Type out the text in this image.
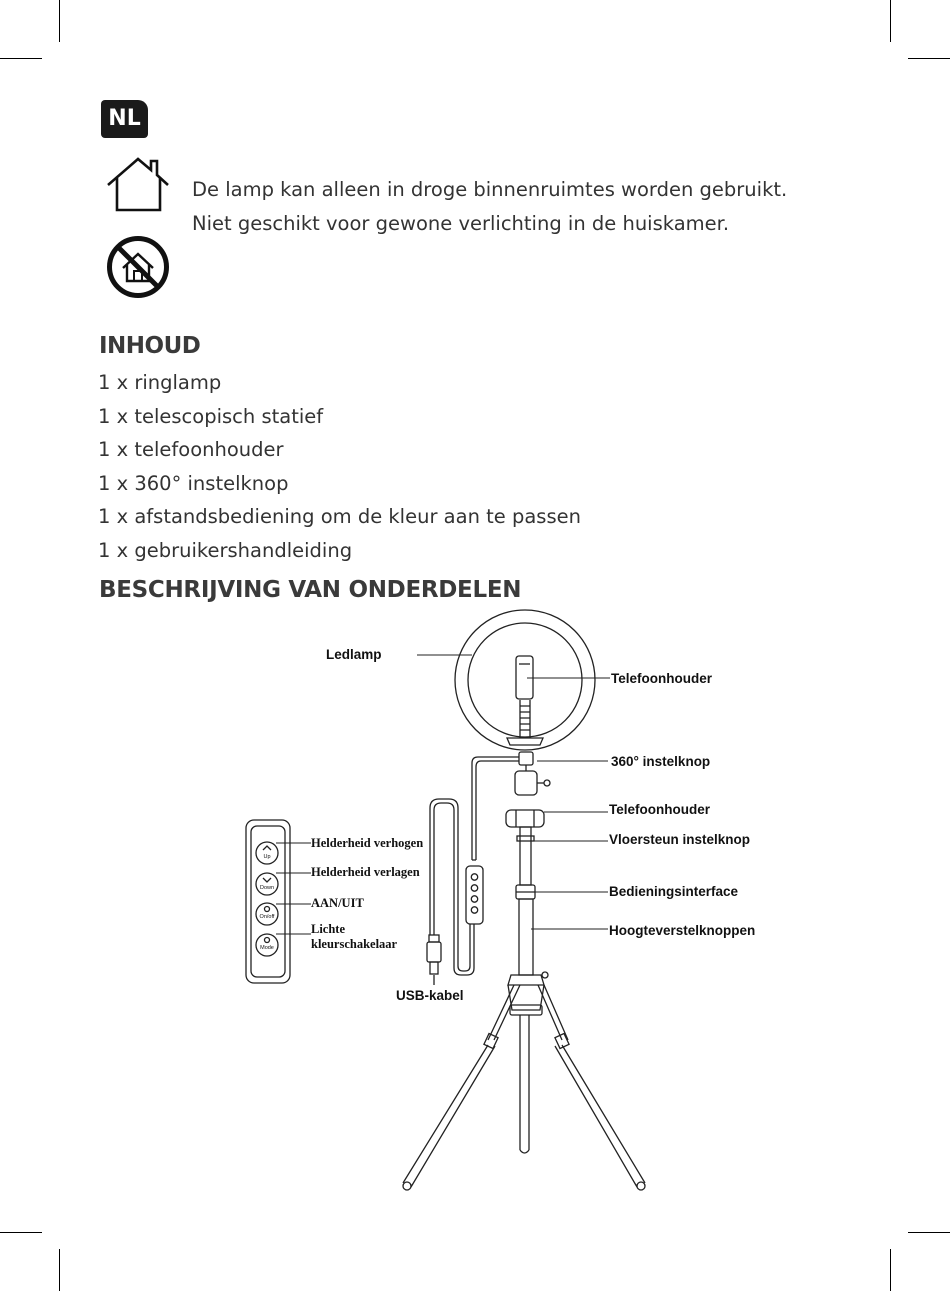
NL
De lamp kan alleen in droge binnenruimtes worden gebruikt.
Niet geschikt voor gewone verlichting in de huiskamer.
INHOUD
1 x ringlamp
1 x telescopisch statief
1 x telefoonhouder
1 x 360° instelknop
1 x afstandsbediening om de kleur aan te passen
1 x gebruikershandleiding
BESCHRIJVING VAN ONDERDELEN
Up
Down
On/off
Mode
Ledlamp
Telefoonhouder
360° instelknop
Telefoonhouder
Vloersteun instelknop
Bedieningsinterface
Hoogteverstelknoppen
USB-kabel
Helderheid verhogen
Helderheid verlagen
AAN/UIT
Lichte
kleurschakelaar
